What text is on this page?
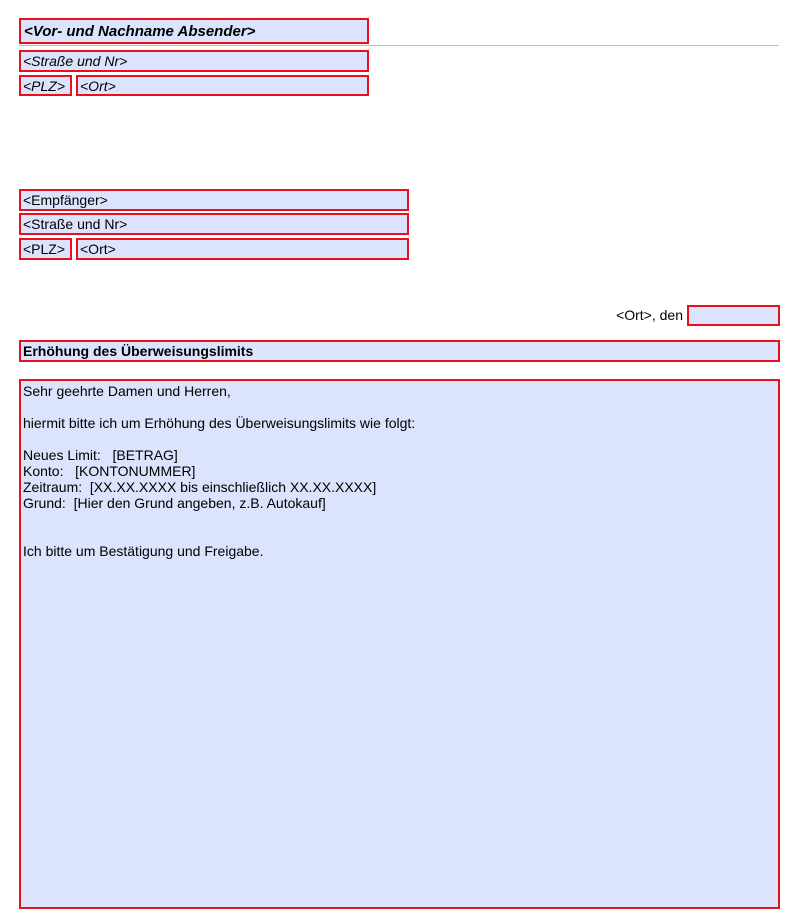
<Vor- und Nachname Absender>
<Straße und Nr>
<PLZ>	<Ort>
<Empfänger>
<Straße und Nr>
<PLZ>	<Ort>
<Ort>, den
Erhöhung des Überweisungslimits
Sehr geehrte Damen und Herren,
hiermit bitte ich um Erhöhung des Überweisungslimits wie folgt:
Neues Limit:   [BETRAG]
Konto:   [KONTONUMMER]
Zeitraum:  [XX.XX.XXXX bis einschließlich XX.XX.XXXX]
Grund:  [Hier den Grund angeben, z.B. Autokauf]
Ich bitte um Bestätigung und Freigabe.
